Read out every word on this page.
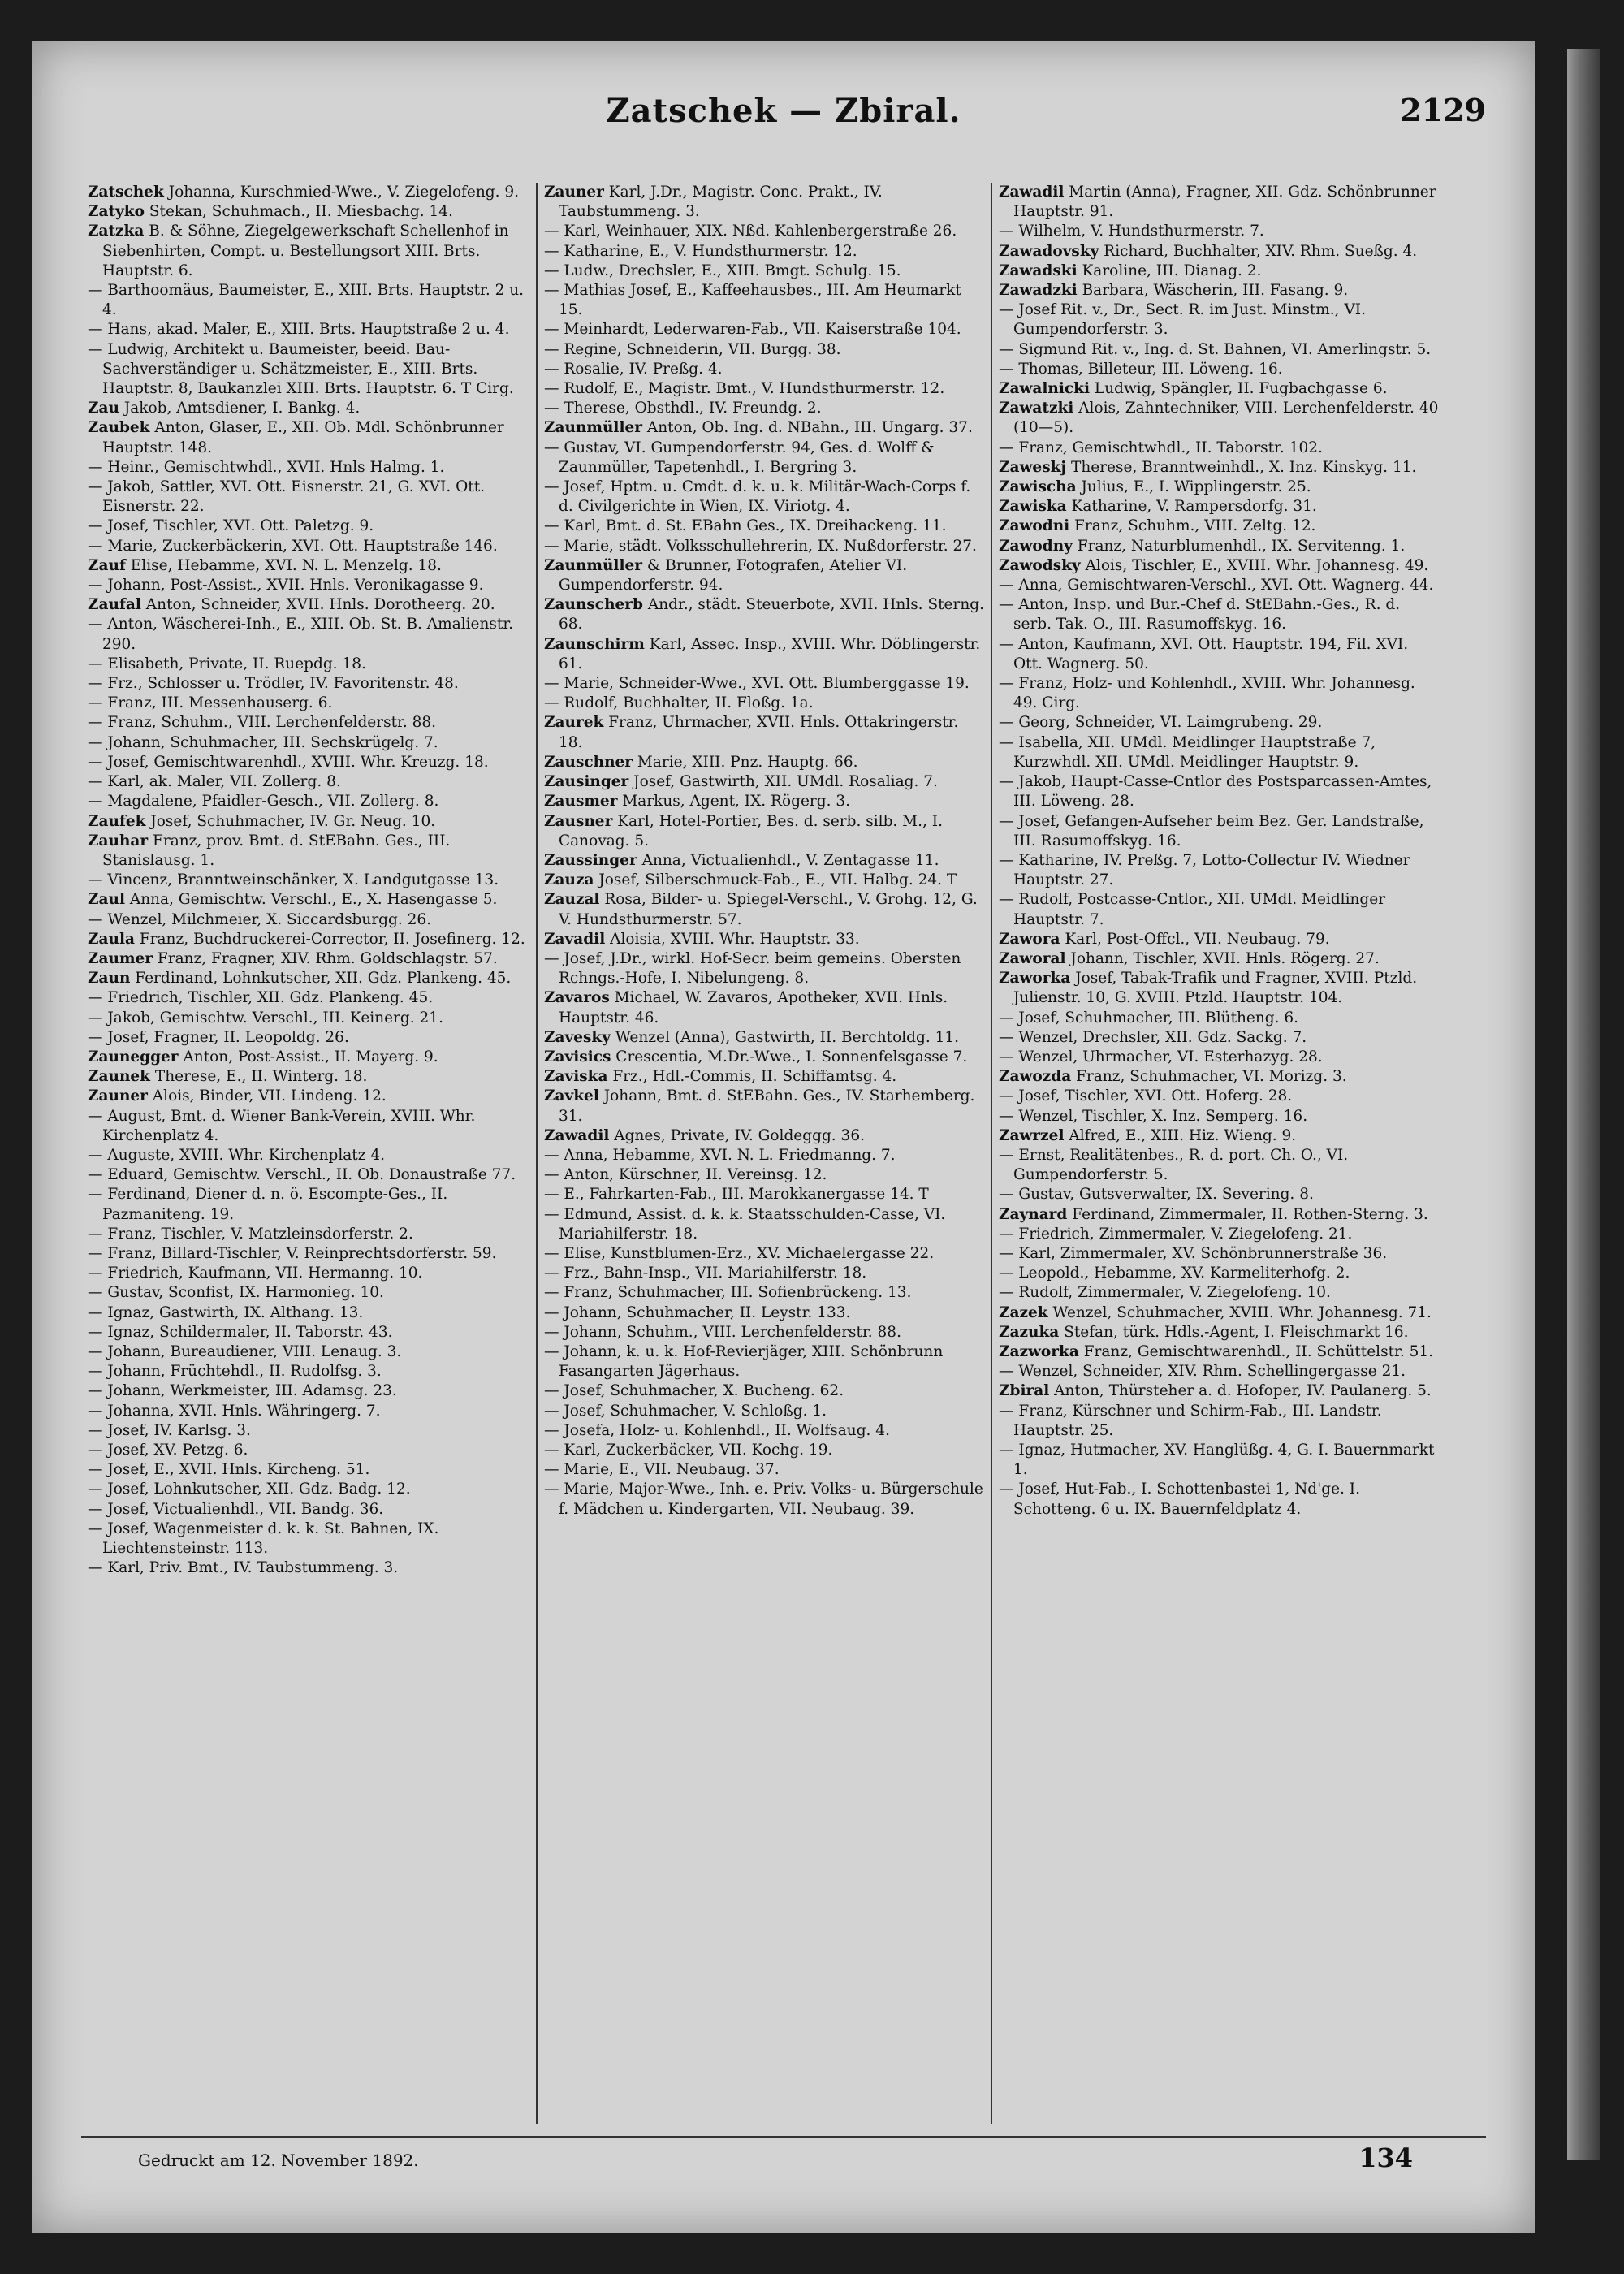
Zatschek — Zbiral.	2129

Zatschek Johanna, Kurschmied-Wwe., V. Ziegelofeng. 9.

Zatyko Stekan, Schuhmach., II. Miesbachg. 14.

Zatzka B. & Söhne, Ziegelgewerkschaft Schellenhof in Siebenhirten, Compt. u. Bestellungsort XIII. Brts. Hauptstr. 6.

— Barthoomäus, Baumeister, E., XIII. Brts. Hauptstr. 2 u. 4.

— Hans, akad. Maler, E., XIII. Brts. Hauptstraße 2 u. 4.

— Ludwig, Architekt u. Baumeister, beeid. Bau-Sachverständiger u. Schätzmeister, E., XIII. Brts. Hauptstr. 8, Baukanzlei XIII. Brts. Hauptstr. 6. T Cirg.

Zau Jakob, Amtsdiener, I. Bankg. 4.

Zaubek Anton, Glaser, E., XII. Ob. Mdl. Schönbrunner Hauptstr. 148.

— Heinr., Gemischtwhdl., XVII. Hnls Halmg. 1.

— Jakob, Sattler, XVI. Ott. Eisnerstr. 21, G. XVI. Ott. Eisnerstr. 22.

— Josef, Tischler, XVI. Ott. Paletzg. 9.

— Marie, Zuckerbäckerin, XVI. Ott. Hauptstraße 146.

Zauf Elise, Hebamme, XVI. N. L. Menzelg. 18.

— Johann, Post-Assist., XVII. Hnls. Veronikagasse 9.

Zaufal Anton, Schneider, XVII. Hnls. Dorotheerg. 20.

— Anton, Wäscherei-Inh., E., XIII. Ob. St. B. Amalienstr. 290.

— Elisabeth, Private, II. Ruepdg. 18.

— Frz., Schlosser u. Trödler, IV. Favoritenstr. 48.

— Franz, III. Messenhauserg. 6.

— Franz, Schuhm., VIII. Lerchenfelderstr. 88.

— Johann, Schuhmacher, III. Sechskrügelg. 7.

— Josef, Gemischtwarenhdl., XVIII. Whr. Kreuzg. 18.

— Karl, ak. Maler, VII. Zollerg. 8.

— Magdalene, Pfaidler-Gesch., VII. Zollerg. 8.

Zaufek Josef, Schuhmacher, IV. Gr. Neug. 10.

Zauhar Franz, prov. Bmt. d. StEBahn. Ges., III. Stanislausg. 1.

— Vincenz, Branntweinschänker, X. Landgutgasse 13.

Zaul Anna, Gemischtw. Verschl., E., X. Hasengasse 5.

— Wenzel, Milchmeier, X. Siccardsburgg. 26.

Zaula Franz, Buchdruckerei-Corrector, II. Josefinerg. 12.

Zaumer Franz, Fragner, XIV. Rhm. Goldschlagstr. 57.

Zaun Ferdinand, Lohnkutscher, XII. Gdz. Plankeng. 45.

— Friedrich, Tischler, XII. Gdz. Plankeng. 45.

— Jakob, Gemischtw. Verschl., III. Keinerg. 21.

— Josef, Fragner, II. Leopoldg. 26.

Zaunegger Anton, Post-Assist., II. Mayerg. 9.

Zaunek Therese, E., II. Winterg. 18.

Zauner Alois, Binder, VII. Lindeng. 12.

— August, Bmt. d. Wiener Bank-Verein, XVIII. Whr. Kirchenplatz 4.

— Auguste, XVIII. Whr. Kirchenplatz 4.

— Eduard, Gemischtw. Verschl., II. Ob. Donaustraße 77.

— Ferdinand, Diener d. n. ö. Escompte-Ges., II. Pazmaniteng. 19.

— Franz, Tischler, V. Matzleinsdorferstr. 2.

— Franz, Billard-Tischler, V. Reinprechtsdorferstr. 59.

— Friedrich, Kaufmann, VII. Hermanng. 10.

— Gustav, Sconfist, IX. Harmonieg. 10.

— Ignaz, Gastwirth, IX. Althang. 13.

— Ignaz, Schildermaler, II. Taborstr. 43.

— Johann, Bureaudiener, VIII. Lenaug. 3.

— Johann, Früchtehdl., II. Rudolfsg. 3.

— Johann, Werkmeister, III. Adamsg. 23.

— Johanna, XVII. Hnls. Währingerg. 7.

— Josef, IV. Karlsg. 3.

— Josef, XV. Petzg. 6.

— Josef, E., XVII. Hnls. Kircheng. 51.

— Josef, Lohnkutscher, XII. Gdz. Badg. 12.

— Josef, Victualienhdl., VII. Bandg. 36.

— Josef, Wagenmeister d. k. k. St. Bahnen, IX. Liechtensteinstr. 113.

— Karl, Priv. Bmt., IV. Taubstummeng. 3.

Zauner Karl, J.Dr., Magistr. Conc. Prakt., IV. Taubstummeng. 3.

— Karl, Weinhauer, XIX. Nßd. Kahlenbergerstraße 26.

— Katharine, E., V. Hundsthurmerstr. 12.

— Ludw., Drechsler, E., XIII. Bmgt. Schulg. 15.

— Mathias Josef, E., Kaffeehausbes., III. Am Heumarkt 15.

— Meinhardt, Lederwaren-Fab., VII. Kaiserstraße 104.

— Regine, Schneiderin, VII. Burgg. 38.

— Rosalie, IV. Preßg. 4.

— Rudolf, E., Magistr. Bmt., V. Hundsthurmerstr. 12.

— Therese, Obsthdl., IV. Freundg. 2.

Zaunmüller Anton, Ob. Ing. d. NBahn., III. Ungarg. 37.

— Gustav, VI. Gumpendorferstr. 94, Ges. d. Wolff & Zaunmüller, Tapetenhdl., I. Bergring 3.

— Josef, Hptm. u. Cmdt. d. k. u. k. Militär-Wach-Corps f. d. Civilgerichte in Wien, IX. Viriotg. 4.

— Karl, Bmt. d. St. EBahn Ges., IX. Dreihackeng. 11.

— Marie, städt. Volksschullehrerin, IX. Nußdorferstr. 27.

Zaunmüller & Brunner, Fotografen, Atelier VI. Gumpendorferstr. 94.

Zaunscherb Andr., städt. Steuerbote, XVII. Hnls. Sterng. 68.

Zaunschirm Karl, Assec. Insp., XVIII. Whr. Döblingerstr. 61.

— Marie, Schneider-Wwe., XVI. Ott. Blumberggasse 19.

— Rudolf, Buchhalter, II. Floßg. 1a.

Zaurek Franz, Uhrmacher, XVII. Hnls. Ottakringerstr. 18.

Zauschner Marie, XIII. Pnz. Hauptg. 66.

Zausinger Josef, Gastwirth, XII. UMdl. Rosaliag. 7.

Zausmer Markus, Agent, IX. Rögerg. 3.

Zausner Karl, Hotel-Portier, Bes. d. serb. silb. M., I. Canovag. 5.

Zaussinger Anna, Victualienhdl., V. Zentagasse 11.

Zauza Josef, Silberschmuck-Fab., E., VII. Halbg. 24. T

Zauzal Rosa, Bilder- u. Spiegel-Verschl., V. Grohg. 12, G. V. Hundsthurmerstr. 57.

Zavadil Aloisia, XVIII. Whr. Hauptstr. 33.

— Josef, J.Dr., wirkl. Hof-Secr. beim gemeins. Obersten Rchngs.-Hofe, I. Nibelungeng. 8.

Zavaros Michael, W. Zavaros, Apotheker, XVII. Hnls. Hauptstr. 46.

Zavesky Wenzel (Anna), Gastwirth, II. Berchtoldg. 11.

Zavisics Crescentia, M.Dr.-Wwe., I. Sonnenfelsgasse 7.

Zaviska Frz., Hdl.-Commis, II. Schiffamtsg. 4.

Zavkel Johann, Bmt. d. StEBahn. Ges., IV. Starhemberg. 31.

Zawadil Agnes, Private, IV. Goldeggg. 36.

— Anna, Hebamme, XVI. N. L. Friedmanng. 7.

— Anton, Kürschner, II. Vereinsg. 12.

— E., Fahrkarten-Fab., III. Marokkanergasse 14. T

— Edmund, Assist. d. k. k. Staatsschulden-Casse, VI. Mariahilferstr. 18.

— Elise, Kunstblumen-Erz., XV. Michaelergasse 22.

— Frz., Bahn-Insp., VII. Mariahilferstr. 18.

— Franz, Schuhmacher, III. Sofienbrückeng. 13.

— Johann, Schuhmacher, II. Leystr. 133.

— Johann, Schuhm., VIII. Lerchenfelderstr. 88.

— Johann, k. u. k. Hof-Revierjäger, XIII. Schönbrunn Fasangarten Jägerhaus.

— Josef, Schuhmacher, X. Bucheng. 62.

— Josef, Schuhmacher, V. Schloßg. 1.

— Josefa, Holz- u. Kohlenhdl., II. Wolfsaug. 4.

— Karl, Zuckerbäcker, VII. Kochg. 19.

— Marie, E., VII. Neubaug. 37.

— Marie, Major-Wwe., Inh. e. Priv. Volks- u. Bürgerschule f. Mädchen u. Kindergarten, VII. Neubaug. 39.

Zawadil Martin (Anna), Fragner, XII. Gdz. Schönbrunner Hauptstr. 91.

— Wilhelm, V. Hundsthurmerstr. 7.

Zawadovsky Richard, Buchhalter, XIV. Rhm. Sueßg. 4.

Zawadski Karoline, III. Dianag. 2.

Zawadzki Barbara, Wäscherin, III. Fasang. 9.

— Josef Rit. v., Dr., Sect. R. im Just. Minstm., VI. Gumpendorferstr. 3.

— Sigmund Rit. v., Ing. d. St. Bahnen, VI. Amerlingstr. 5.

— Thomas, Billeteur, III. Löweng. 16.

Zawalnicki Ludwig, Spängler, II. Fugbachgasse 6.

Zawatzki Alois, Zahntechniker, VIII. Lerchenfelderstr. 40 (10—5).

— Franz, Gemischtwhdl., II. Taborstr. 102.

Zaweskj Therese, Branntweinhdl., X. Inz. Kinskyg. 11.

Zawischa Julius, E., I. Wipplingerstr. 25.

Zawiska Katharine, V. Rampersdorfg. 31.

Zawodni Franz, Schuhm., VIII. Zeltg. 12.

Zawodny Franz, Naturblumenhdl., IX. Servitenng. 1.

Zawodsky Alois, Tischler, E., XVIII. Whr. Johannesg. 49.

— Anna, Gemischtwaren-Verschl., XVI. Ott. Wagnerg. 44.

— Anton, Insp. und Bur.-Chef d. StEBahn.-Ges., R. d. serb. Tak. O., III. Rasumoffskyg. 16.

— Anton, Kaufmann, XVI. Ott. Hauptstr. 194, Fil. XVI. Ott. Wagnerg. 50.

— Franz, Holz- und Kohlenhdl., XVIII. Whr. Johannesg. 49. Cirg.

— Georg, Schneider, VI. Laimgrubeng. 29.

— Isabella, XII. UMdl. Meidlinger Hauptstraße 7, Kurzwhdl. XII. UMdl. Meidlinger Hauptstr. 9.

— Jakob, Haupt-Casse-Cntlor des Postsparcassen-Amtes, III. Löweng. 28.

— Josef, Gefangen-Aufseher beim Bez. Ger. Landstraße, III. Rasumoffskyg. 16.

— Katharine, IV. Preßg. 7, Lotto-Collectur IV. Wiedner Hauptstr. 27.

— Rudolf, Postcasse-Cntlor., XII. UMdl. Meidlinger Hauptstr. 7.

Zawora Karl, Post-Offcl., VII. Neubaug. 79.

Zaworal Johann, Tischler, XVII. Hnls. Rögerg. 27.

Zaworka Josef, Tabak-Trafik und Fragner, XVIII. Ptzld. Julienstr. 10, G. XVIII. Ptzld. Hauptstr. 104.

— Josef, Schuhmacher, III. Blütheng. 6.

— Wenzel, Drechsler, XII. Gdz. Sackg. 7.

— Wenzel, Uhrmacher, VI. Esterhazyg. 28.

Zawozda Franz, Schuhmacher, VI. Morizg. 3.

— Josef, Tischler, XVI. Ott. Hoferg. 28.

— Wenzel, Tischler, X. Inz. Semperg. 16.

Zawrzel Alfred, E., XIII. Hiz. Wieng. 9.

— Ernst, Realitätenbes., R. d. port. Ch. O., VI. Gumpendorferstr. 5.

— Gustav, Gutsverwalter, IX. Severing. 8.

Zaynard Ferdinand, Zimmermaler, II. Rothen-Sterng. 3.

— Friedrich, Zimmermaler, V. Ziegelofeng. 21.

— Karl, Zimmermaler, XV. Schönbrunnerstraße 36.

— Leopold., Hebamme, XV. Karmeliterhofg. 2.

— Rudolf, Zimmermaler, V. Ziegelofeng. 10.

Zazek Wenzel, Schuhmacher, XVIII. Whr. Johannesg. 71.

Zazuka Stefan, türk. Hdls.-Agent, I. Fleischmarkt 16.

Zazworka Franz, Gemischtwarenhdl., II. Schüttelstr. 51.

— Wenzel, Schneider, XIV. Rhm. Schellingergasse 21.

Zbiral Anton, Thürsteher a. d. Hofoper, IV. Paulanerg. 5.

— Franz, Kürschner und Schirm-Fab., III. Landstr. Hauptstr. 25.

— Ignaz, Hutmacher, XV. Hanglüßg. 4, G. I. Bauernmarkt 1.

— Josef, Hut-Fab., I. Schottenbastei 1, Nd'ge. I. Schotteng. 6 u. IX. Bauernfeldplatz 4.

Gedruckt am 12. November 1892.	134
